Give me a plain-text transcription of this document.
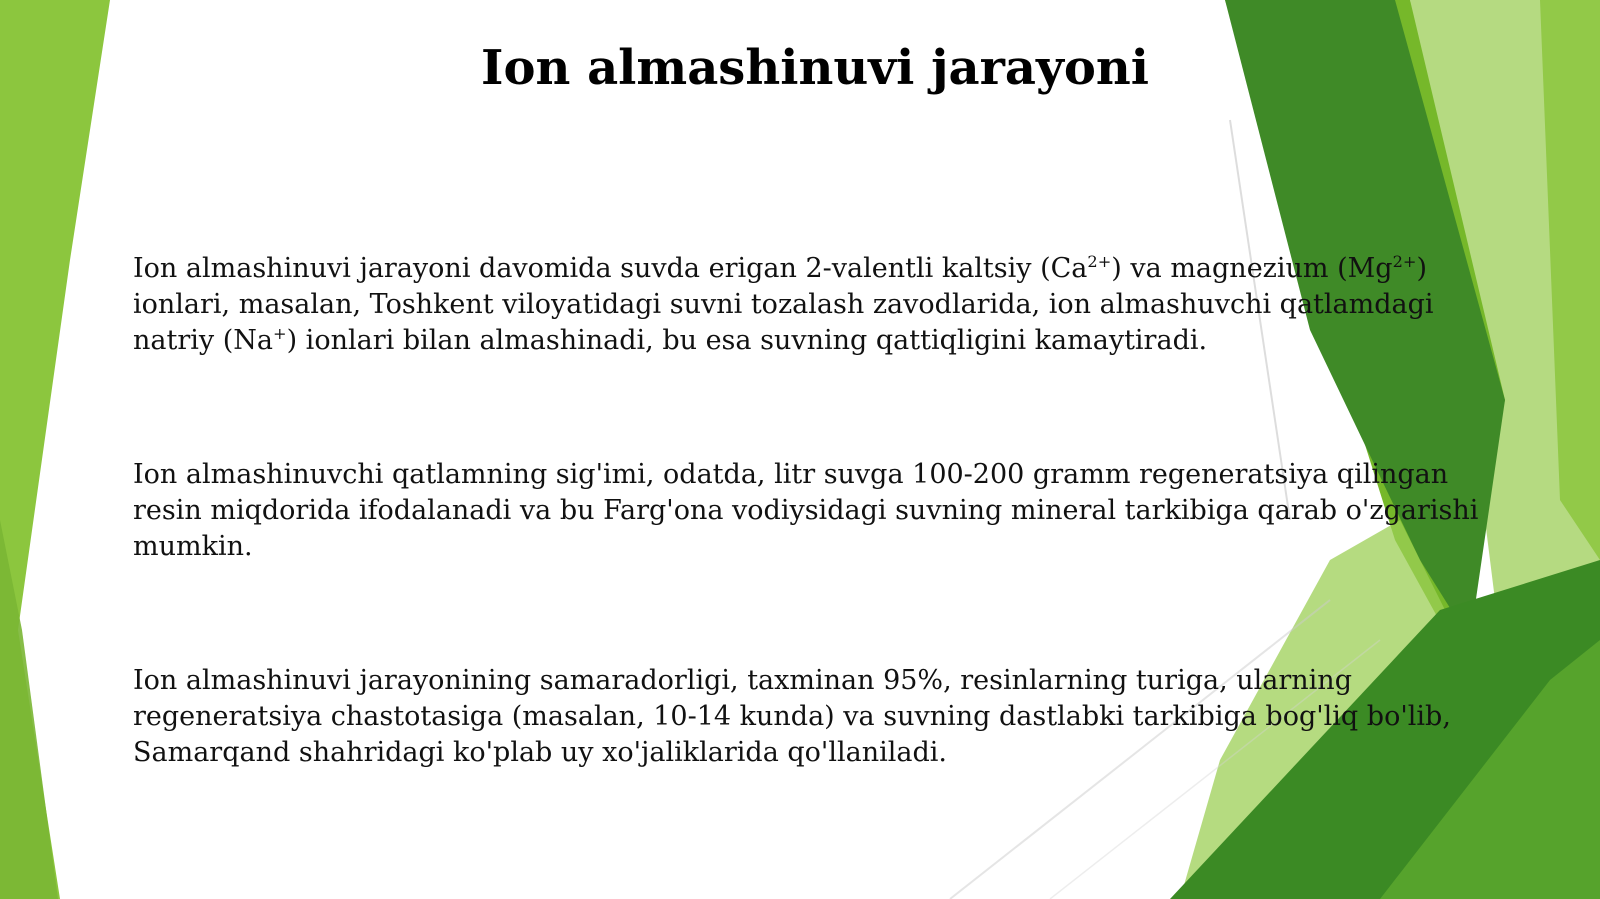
Ion almashinuvi jarayoni

Ion almashinuvi jarayoni davomida suvda erigan 2-valentli kaltsiy $(Ca^{2+})$ va magnezium $(Mg^{2+})$ ionlari, masalan, Toshkent viloyatidagi suvni tozalash zavodlarida, ion almashuvchi qatlamdagi natriy (Na+) ionlari bilan almashinadi, bu esa suvning qattiqligini kamaytiradi.

Ion almashinuvchi qatlamning sig'imi, odatda, litr suvga 100-200 gramm regeneratsiya qilingan resin miqdorida ifodalanadi va bu Farg'ona vodiysidagi suvning mineral tarkibiga qarab o'zgarishi mumkin.

Ion almashinuvi jarayonining samaradorligi, taxminan 95%, resinlarning turiga, ularning regeneratsiya chastotasiga (masalan, 10-14 kunda) va suvning dastlabki tarkibiga bog'liq bo'lib, Samarqand shahridagi ko'plab uy xo'jaliklarida qo'llaniladi.
